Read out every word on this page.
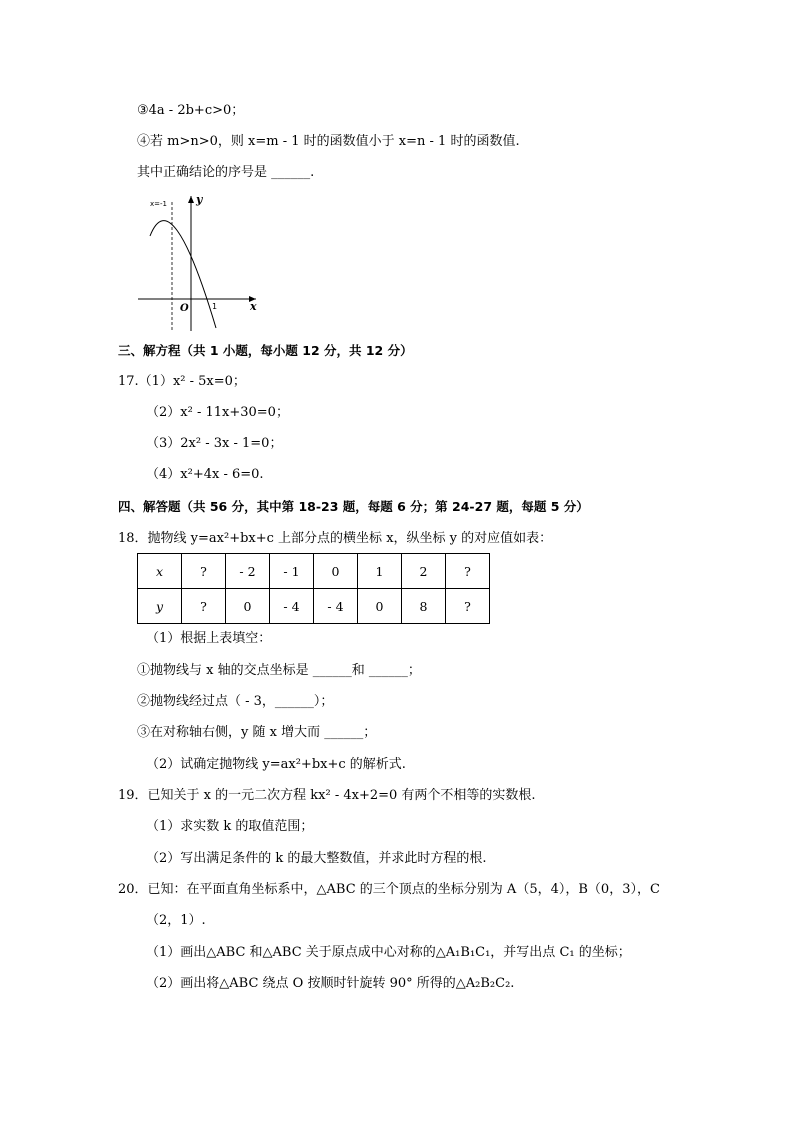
③4a - 2b+c>0；
④若 m>n>0，则 x=m - 1 时的函数值小于 x=n - 1 时的函数值.
其中正确结论的序号是 ______.
x=-1	y
x
O	1
三、解方程（共 1 小题，每小题 12 分，共 12 分）
17.（1）x² - 5x=0；
（2）x² - 11x+30=0；
（3）2x² - 3x - 1=0；
（4）x²+4x - 6=0.
四、解答题（共 56 分，其中第 18-23 题，每题 6 分；第 24-27 题，每题 5 分）
18．抛物线 y=ax²+bx+c 上部分点的横坐标 x，纵坐标 y 的对应值如表：
x	?	- 2	- 1	0	1	2	?
y	?	0	- 4	- 4	0	8	?
（1）根据上表填空：
①抛物线与 x 轴的交点坐标是 ______和 ______；
②抛物线经过点（ - 3，______）；
③在对称轴右侧，y 随 x 增大而 ______；
（2）试确定抛物线 y=ax²+bx+c 的解析式.
19．已知关于 x 的一元二次方程 kx² - 4x+2=0 有两个不相等的实数根.
（1）求实数 k 的取值范围；
（2）写出满足条件的 k 的最大整数值，并求此时方程的根.
20．已知：在平面直角坐标系中，△ABC 的三个顶点的坐标分别为 A（5，4），B（0，3），C
（2，1）.
（1）画出△ABC 和△ABC 关于原点成中心对称的△A₁B₁C₁，并写出点 C₁ 的坐标；
（2）画出将△ABC 绕点 O 按顺时针旋转 90° 所得的△A₂B₂C₂.
